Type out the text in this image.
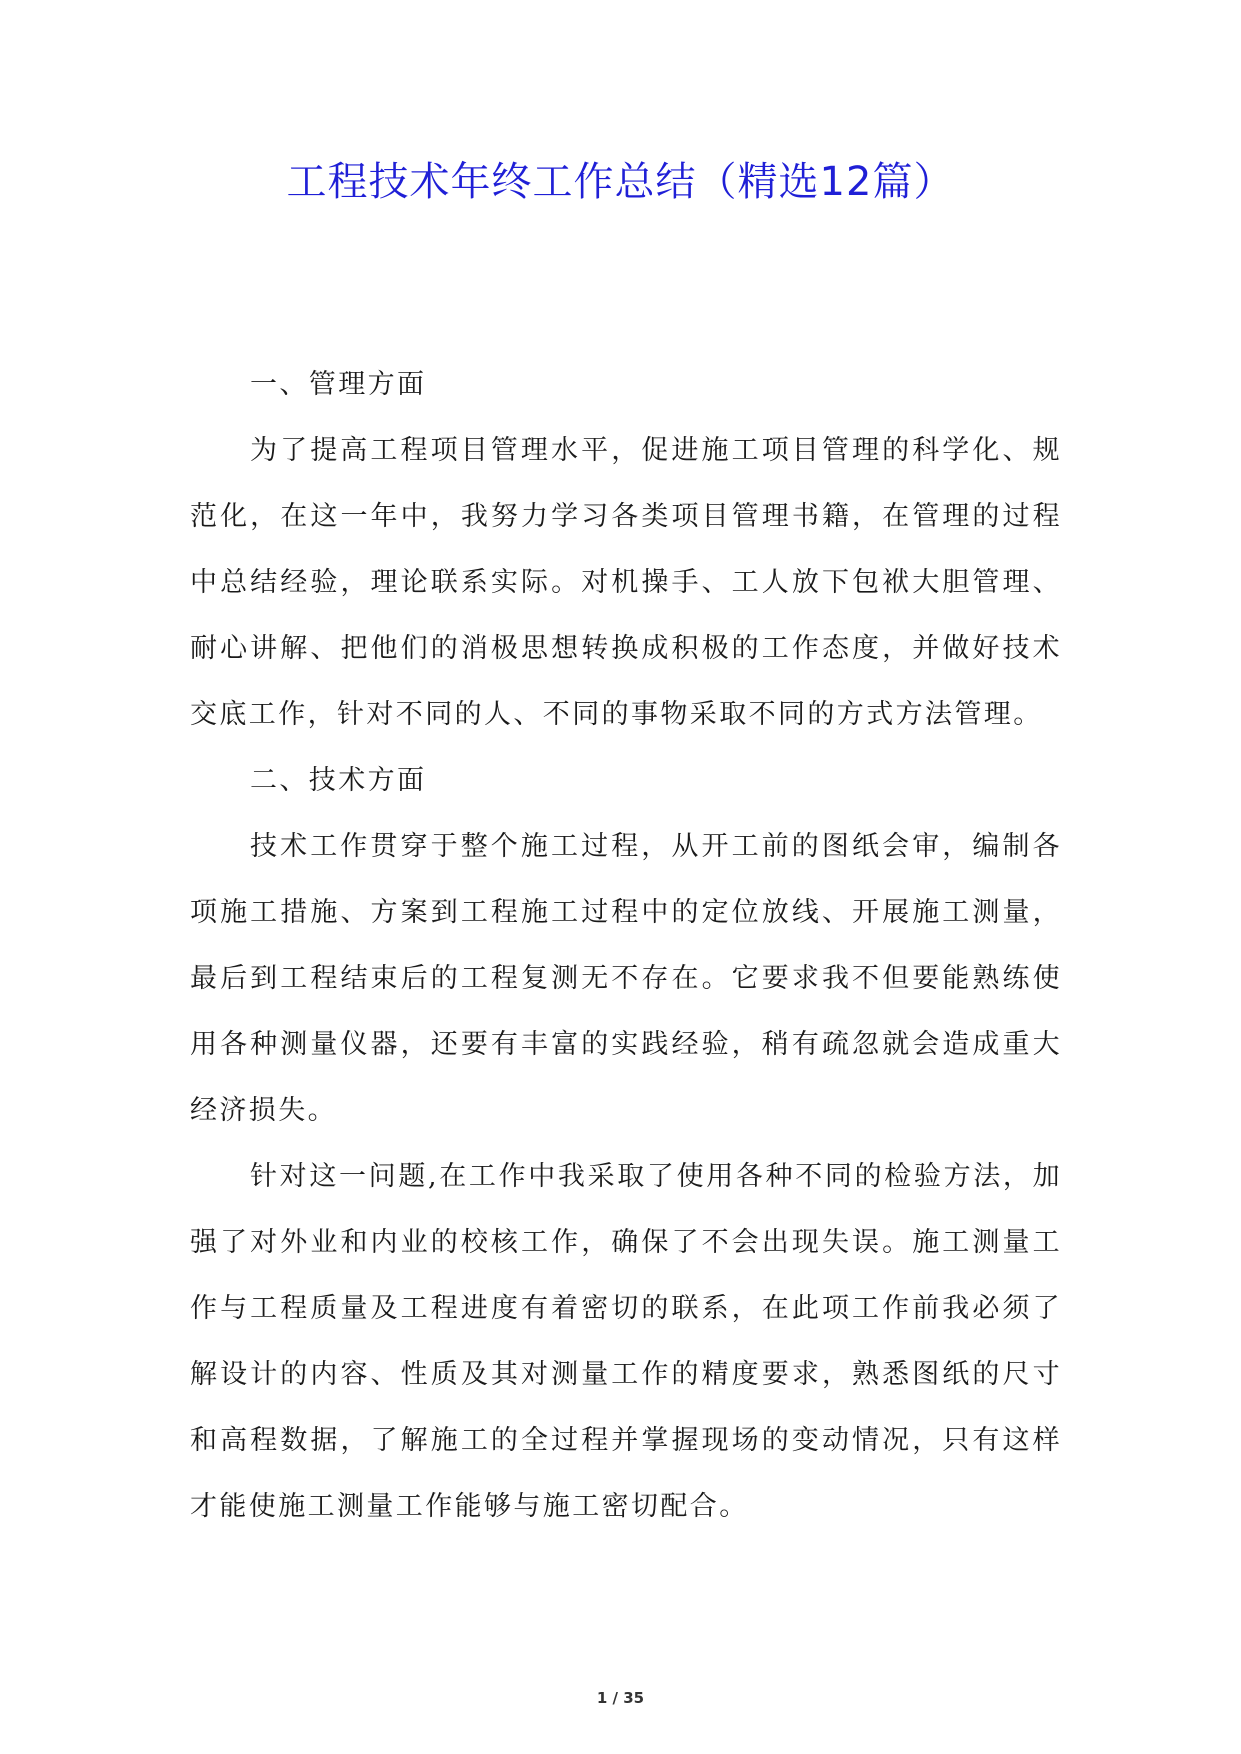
工程技术年终工作总结（精选12篇）

一、管理方面

为了提高工程项目管理水平，促进施工项目管理的科学化、规范化，在这一年中，我努力学习各类项目管理书籍，在管理的过程中总结经验，理论联系实际。对机操手、工人放下包袱大胆管理、耐心讲解、把他们的消极思想转换成积极的工作态度，并做好技术交底工作，针对不同的人、不同的事物采取不同的方式方法管理。

二、技术方面

技术工作贯穿于整个施工过程，从开工前的图纸会审，编制各项施工措施、方案到工程施工过程中的定位放线、开展施工测量，最后到工程结束后的工程复测无不存在。它要求我不但要能熟练使用各种测量仪器，还要有丰富的实践经验，稍有疏忽就会造成重大经济损失。

针对这一问题,在工作中我采取了使用各种不同的检验方法，加强了对外业和内业的校核工作，确保了不会出现失误。施工测量工作与工程质量及工程进度有着密切的联系，在此项工作前我必须了解设计的内容、性质及其对测量工作的精度要求，熟悉图纸的尺寸和高程数据，了解施工的全过程并掌握现场的变动情况，只有这样才能使施工测量工作能够与施工密切配合。

1 / 35
